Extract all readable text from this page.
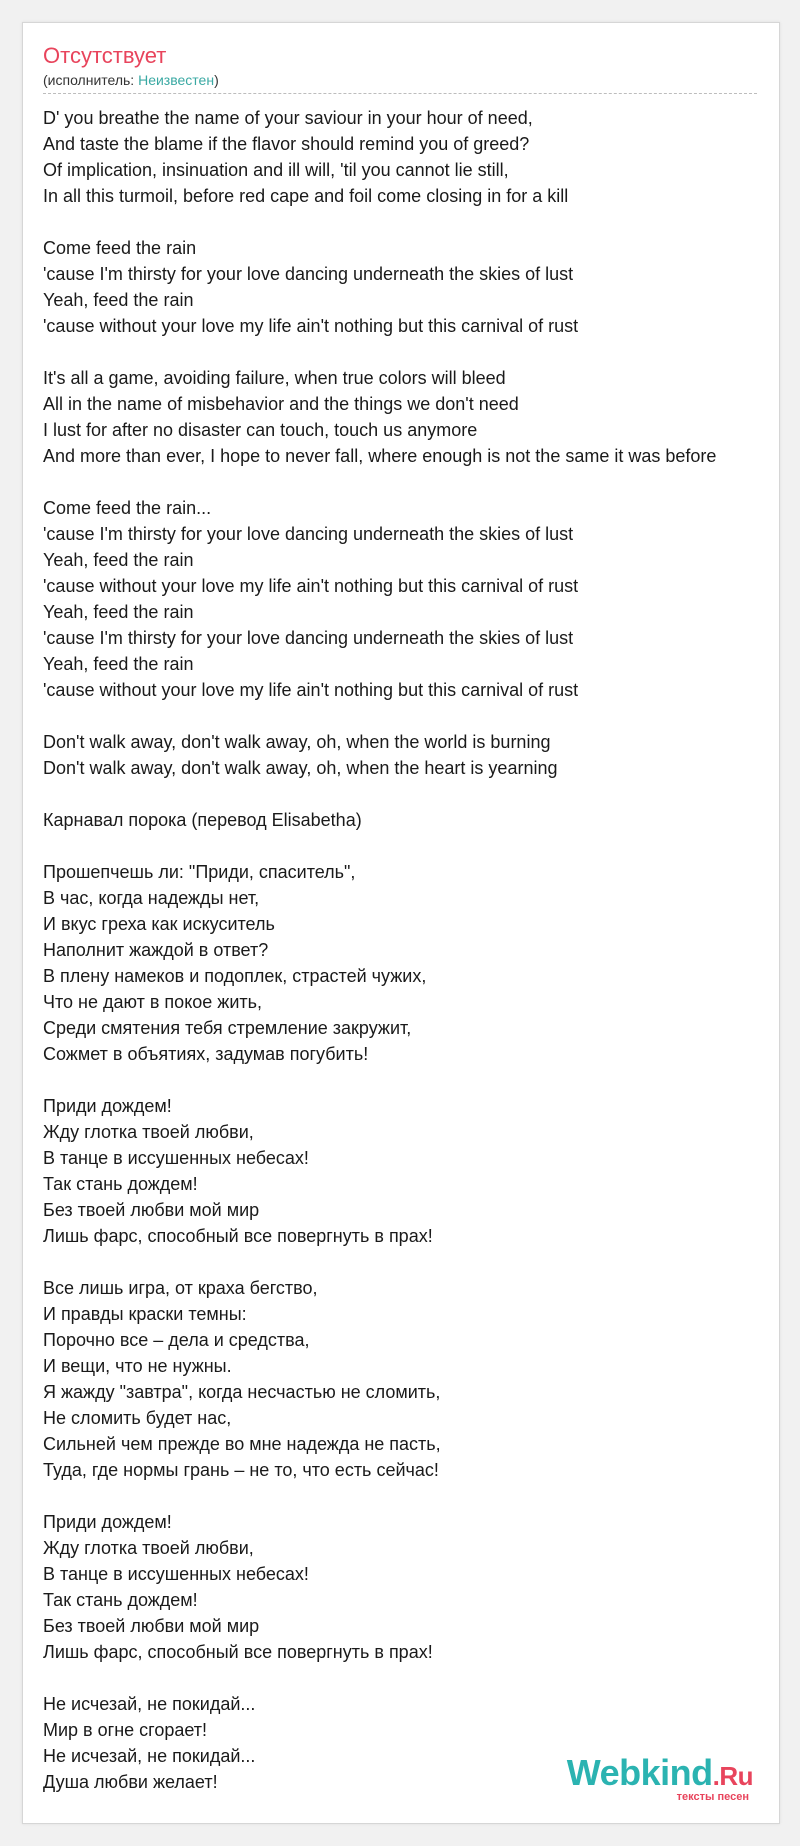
Отсутствует
(исполнитель: Неизвестен)
D' you breathe the name of your saviour in your hour of need,
And taste the blame if the flavor should remind you of greed?
Of implication, insinuation and ill will, 'til you cannot lie still,
In all this turmoil, before red cape and foil come closing in for a kill

Come feed the rain
'cause I'm thirsty for your love dancing underneath the skies of lust
Yeah, feed the rain
'cause without your love my life ain't nothing but this carnival of rust

It's all a game, avoiding failure, when true colors will bleed
All in the name of misbehavior and the things we don't need
I lust for after no disaster can touch, touch us anymore
And more than ever, I hope to never fall, where enough is not the same it was before

Come feed the rain...
'cause I'm thirsty for your love dancing underneath the skies of lust
Yeah, feed the rain
'cause without your love my life ain't nothing but this carnival of rust
Yeah, feed the rain
'cause I'm thirsty for your love dancing underneath the skies of lust
Yeah, feed the rain
'cause without your love my life ain't nothing but this carnival of rust

Don't walk away, don't walk away, oh, when the world is burning
Don't walk away, don't walk away, oh, when the heart is yearning

Карнавал порока (перевод Elisabetha)

Прошепчешь ли: "Приди, спаситель",
В час, когда надежды нет,
И вкус греха как искуситель
Наполнит жаждой в ответ?
В плену намеков и подоплек, страстей чужих,
Что не дают в покое жить,
Среди смятения тебя стремление закружит,
Сожмет в объятиях, задумав погубить!

Приди дождем!
Жду глотка твоей любви,
В танце в иссушенных небесах!
Так стань дождем!
Без твоей любви мой мир
Лишь фарс, способный все повергнуть в прах!

Все лишь игра, от краха бегство,
И правды краски темны:
Порочно все – дела и средства,
И вещи, что не нужны.
Я жажду "завтра", когда несчастью не сломить,
Не сломить будет нас,
Сильней чем прежде во мне надежда не пасть,
Туда, где нормы грань – не то, что есть сейчас!

Приди дождем!
Жду глотка твоей любви,
В танце в иссушенных небесах!
Так стань дождем!
Без твоей любви мой мир
Лишь фарс, способный все повергнуть в прах!

Не исчезай, не покидай...
Мир в огне сгорает!
Не исчезай, не покидай...
Душа любви желает!	Webkind.Ru
тексты песен
